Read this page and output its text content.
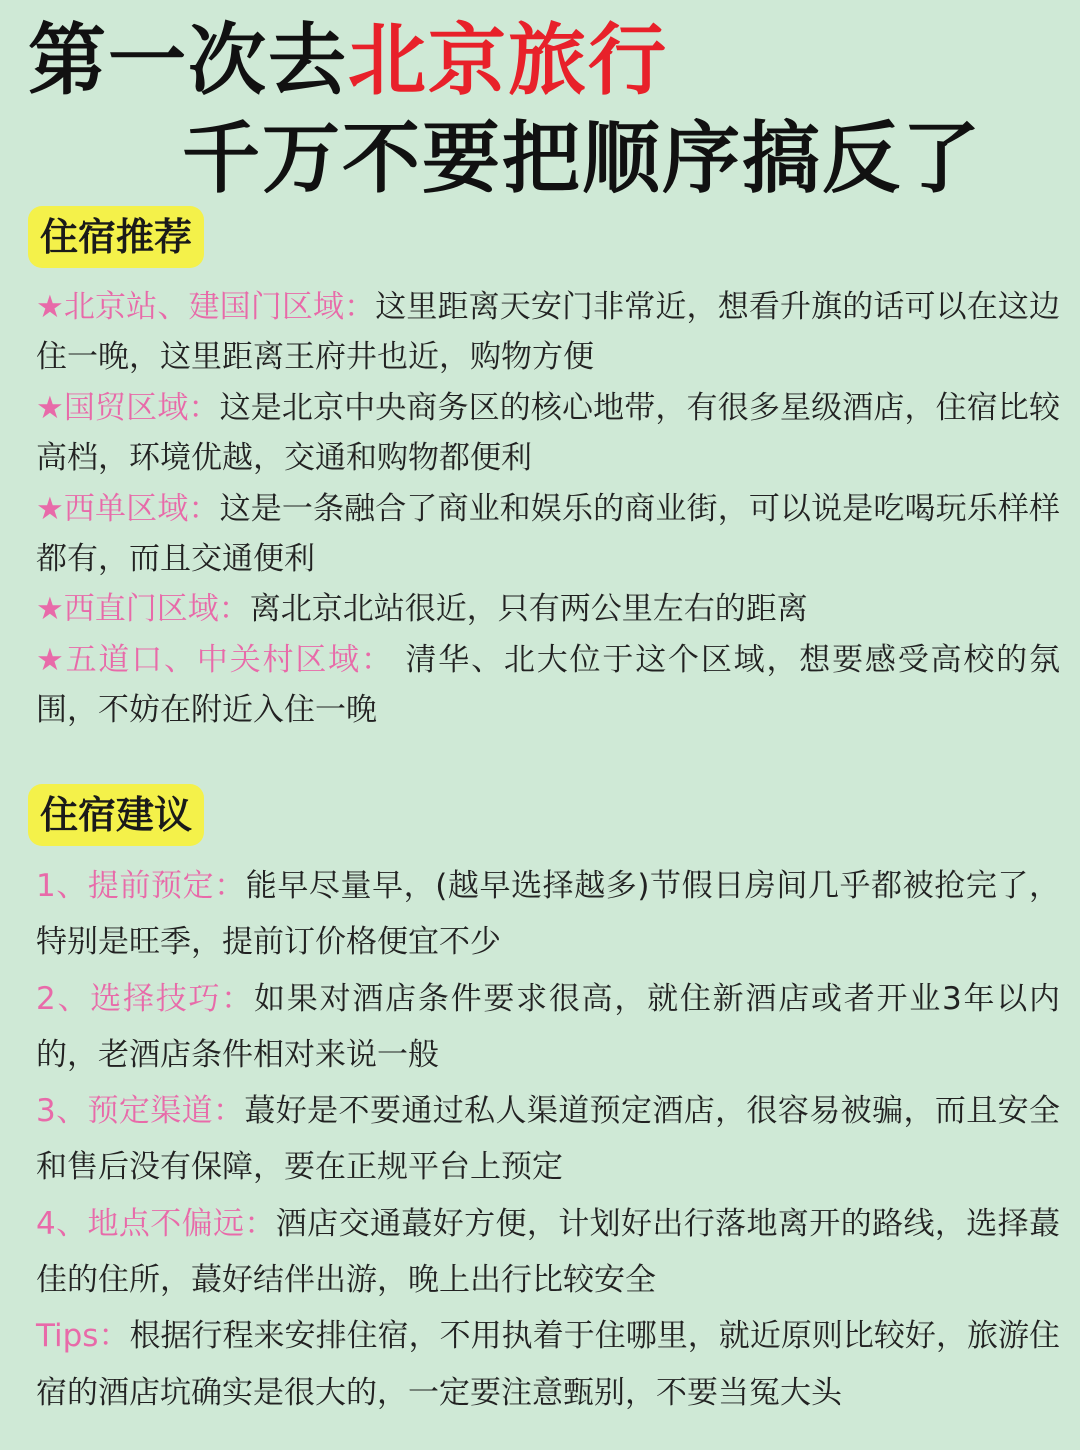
第一次去北京旅行
千万不要把顺序搞反了
住宿推荐

★北京站、建国门区域：这里距离天安门非常近，想看升旗的话可以在这边住一晚，这里距离王府井也近，购物方便

★国贸区域：这是北京中央商务区的核心地带，有很多星级酒店，住宿比较高档，环境优越，交通和购物都便利

★西单区域：这是一条融合了商业和娱乐的商业街，可以说是吃喝玩乐样样都有，而且交通便利

★西直门区域：离北京北站很近，只有两公里左右的距离

★五道口、中关村区域： 清华、北大位于这个区域，想要感受高校的氛围，不妨在附近入住一晚

住宿建议

1、提前预定：能早尽量早，(越早选择越多)节假日房间几乎都被抢完了，特别是旺季，提前订价格便宜不少

2、选择技巧：如果对酒店条件要求很高，就住新酒店或者开业3年以内的，老酒店条件相对来说一般

3、预定渠道：蕞好是不要通过私人渠道预定酒店，很容易被骗，而且安全和售后没有保障，要在正规平台上预定

4、地点不偏远：酒店交通蕞好方便，计划好出行落地离开的路线，选择蕞佳的住所，蕞好结伴出游，晚上出行比较安全

Tips：根据行程来安排住宿，不用执着于住哪里，就近原则比较好，旅游住宿的酒店坑确实是很大的，一定要注意甄别，不要当冤大头
